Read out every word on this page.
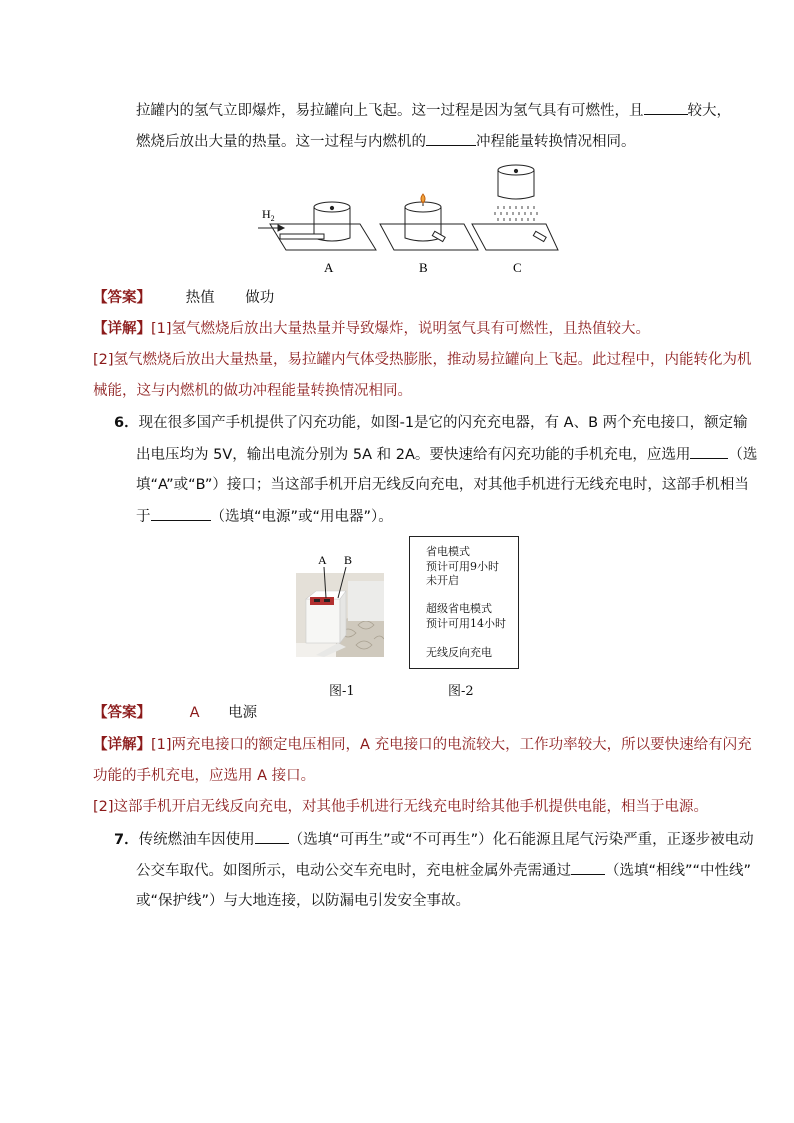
拉罐内的氢气立即爆炸，易拉罐向上飞起。这一过程是因为氢气具有可燃性，且	较大，
燃烧后放出大量的热量。这一过程与内燃机的	冲程能量转换情况相同。
$H_2$
A	B	C
【答案】 热值 做功
【详解】[1]氢气燃烧后放出大量热量并导致爆炸，说明氢气具有可燃性，且热值较大。
[2]氢气燃烧后放出大量热量，易拉罐内气体受热膨胀，推动易拉罐向上飞起。此过程中，内能转化为机
械能，这与内燃机的做功冲程能量转换情况相同。
6．现在很多国产手机提供了闪充功能，如图-1是它的闪充充电器，有 A、B 两个充电接口，额定输
出电压均为 5V，输出电流分别为 5A 和 2A。要快速给有闪充功能的手机充电，应选用	（选
填“A”或“B”）接口；当这部手机开启无线反向充电，对其他手机进行无线充电时，这部手机相当
于	（选填“电源”或“用电器”）。
A B
图-1
省电模式
预计可用9小时
未开启
超级省电模式
预计可用14小时
无线反向充电
图-2
【答案】	A 电源
【详解】[1]两充电接口的额定电压相同，A 充电接口的电流较大，工作功率较大，所以要快速给有闪充
功能的手机充电，应选用 A 接口。
[2]这部手机开启无线反向充电，对其他手机进行无线充电时给其他手机提供电能，相当于电源。
7．传统燃油车因使用 （选填“可再生”或“不可再生”）化石能源且尾气污染严重，正逐步被电动
公交车取代。如图所示，电动公交车充电时，充电桩金属外壳需通过 （选填“相线”“中性线”
或“保护线”）与大地连接，以防漏电引发安全事故。
